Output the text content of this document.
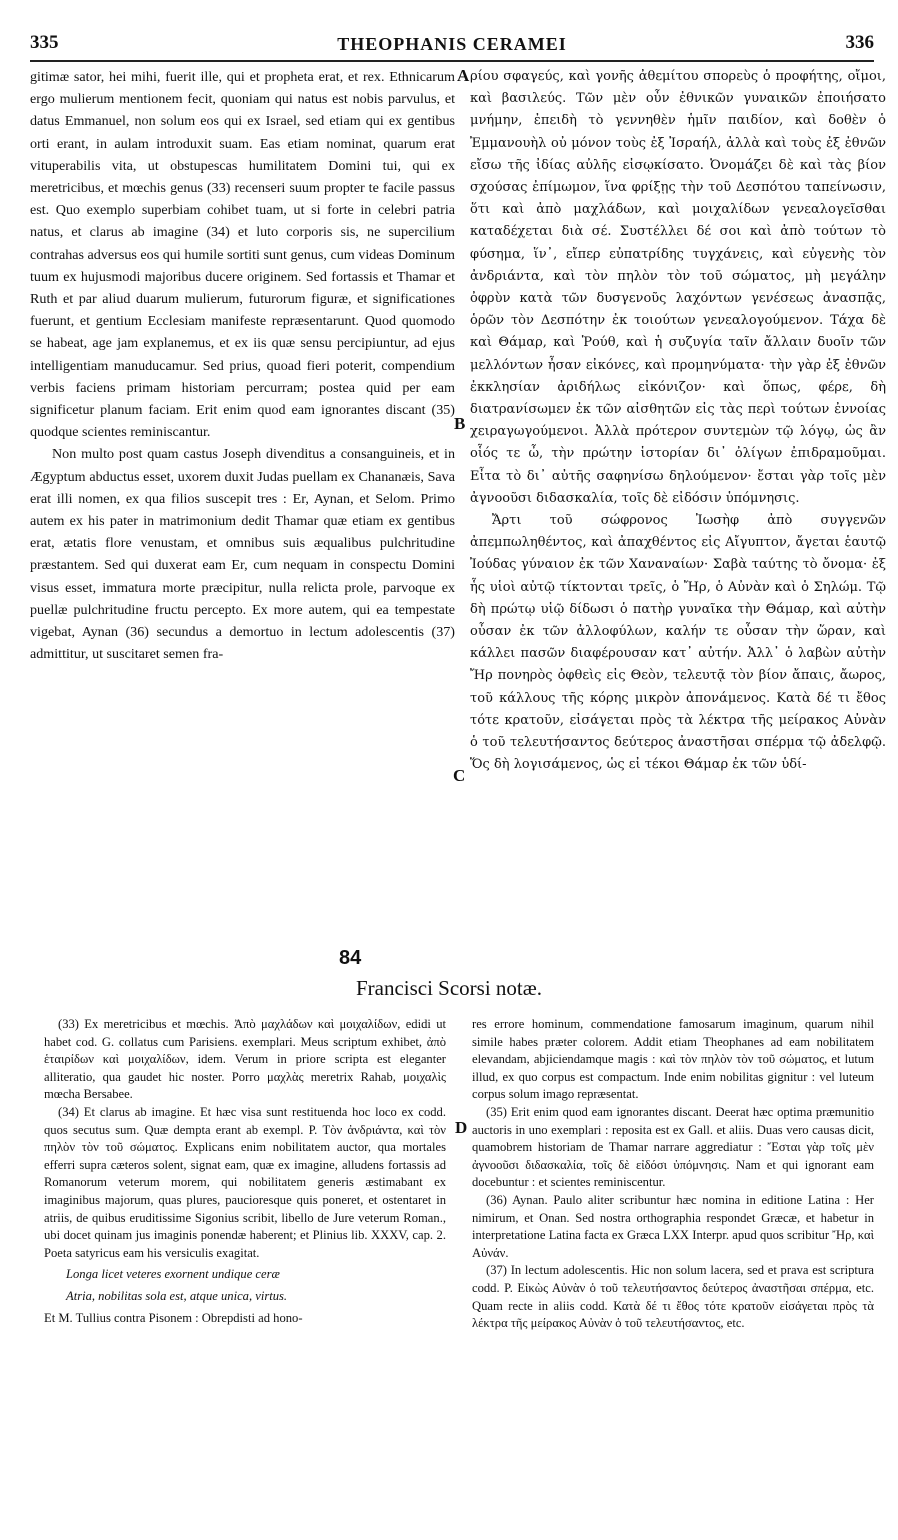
335	THEOPHANIS CERAMEI	336

gitimæ sator, hei mihi, fuerit ille, qui et propheta erat, et rex. Ethnicarum ergo mulierum mentionem fecit, quoniam qui natus est nobis parvulus, et datus Emmanuel, non solum eos qui ex Israel, sed etiam qui ex gentibus orti erant, in aulam introduxit suam. Eas etiam nominat, quarum erat vituperabilis vita, ut obstupescas humilitatem Domini tui, qui ex meretricibus, et mœchis genus (33) recenseri suum propter te facile passus est. Quo exemplo superbiam cohibet tuam, ut si forte in celebri patria natus, et clarus ab imagine (34) et luto corporis sis, ne supercilium contrahas adversus eos qui humile sortiti sunt genus, cum videas Dominum tuum ex hujusmodi majoribus ducere originem. Sed fortassis et Thamar et Ruth et par aliud duarum mulierum, futurorum figuræ, et significationes fuerunt, et gentium Ecclesiam manifeste repræsentarunt. Quod quomodo se habeat, age jam explanemus, et ex iis quæ sensu percipiuntur, ad ejus intelligentiam manuducamur. Sed prius, quoad fieri poterit, compendium verbis faciens primam historiam percurram; postea quid per eam significetur planum faciam. Erit enim quod eam ignorantes discant (35) quodque scientes reminiscantur.

Non multo post quam castus Joseph divenditus a consanguineis, et in Ægyptum abductus esset, uxorem duxit Judas puellam ex Chananæis, Sava erat illi nomen, ex qua filios suscepit tres : Er, Aynan, et Selom. Primo autem ex his pater in matrimonium dedit Thamar quæ etiam ex gentibus erat, ætatis flore venustam, et omnibus suis æqualibus pulchritudine præstantem. Sed qui duxerat eam Er, cum nequam in conspectu Domini visus esset, immatura morte præcipitur, nulla relicta prole, parvoque ex puellæ pulchritudine fructu percepto. Ex more autem, qui ea tempestate vigebat, Aynan (36) secundus a demortuo in lectum adolescentis (37) admittitur, ut suscitaret semen fra-

ρίου σφαγεύς, καὶ γονῆς ἀθεμίτου σπορεὺς ὁ προφήτης, οἴμοι, καὶ βασιλεύς. Τῶν μὲν οὖν ἐθνικῶν γυναικῶν ἐποιήσατο μνήμην, ἐπειδὴ τὸ γεννηθὲν ἡμῖν παιδίον, καὶ δοθὲν ὁ Ἐμμανουὴλ οὐ μόνον τοὺς ἐξ Ἰσραήλ, ἀλλὰ καὶ τοὺς ἐξ ἐθνῶν εἴσω τῆς ἰδίας αὐλῆς εἰσῳκίσατο. Ὀνομάζει δὲ καὶ τὰς βίον σχούσας ἐπίμωμον, ἵνα φρίξῃς τὴν τοῦ Δεσπότου ταπείνωσιν, ὅτι καὶ ἀπὸ μαχλάδων, καὶ μοιχαλίδων γενεαλογεῖσθαι καταδέχεται διὰ σέ. Συστέλλει δέ σοι καὶ ἀπὸ τούτων τὸ φύσημα, ἵν᾽, εἴπερ εὐπατρίδης τυγχάνεις, καὶ εὐγενὴς τὸν ἀνδριάντα, καὶ τὸν πηλὸν τὸν τοῦ σώματος, μὴ μεγάλην ὀφρὺν κατὰ τῶν δυσγενοῦς λαχόντων γενέσεως ἀνασπᾷς, ὁρῶν τὸν Δεσπότην ἐκ τοιούτων γενεαλογούμενον. Τάχα δὲ καὶ Θάμαρ, καὶ Ῥούθ, καὶ ἡ συζυγία ταῖν ἄλλαιν δυοῖν τῶν μελλόντων ἦσαν εἰκόνες, καὶ προμηνύματα· τὴν γὰρ ἐξ ἐθνῶν ἐκκλησίαν ἀριδήλως εἰκόνιζον· καὶ ὅπως, φέρε, δὴ διατρανίσωμεν ἐκ τῶν αἰσθητῶν εἰς τὰς περὶ τούτων ἐννοίας χειραγωγούμενοι. Ἀλλὰ πρότερον συντεμὼν τῷ λόγῳ, ὡς ἂν οἷός τε ὦ, τὴν πρώτην ἱστορίαν δι᾽ ὀλίγων ἐπιδραμοῦμαι. Εἶτα τὸ δι᾽ αὐτῆς σαφηνίσω δηλούμενον· ἔσται γὰρ τοῖς μὲν ἀγνοοῦσι διδασκαλία, τοῖς δὲ εἰδόσιν ὑπόμνησις.

Ἄρτι τοῦ σώφρονος Ἰωσὴφ ἀπὸ συγγενῶν ἀπεμπωληθέντος, καὶ ἀπαχθέντος εἰς Αἴγυπτον, ἄγεται ἑαυτῷ Ἰούδας γύναιον ἐκ τῶν Χαναναίων· Σαβὰ ταύτης τὸ ὄνομα· ἐξ ἧς υἱοὶ αὐτῷ τίκτονται τρεῖς, ὁ Ἤρ, ὁ Αὐνὰν καὶ ὁ Σηλώμ. Τῷ δὴ πρώτῳ υἱῷ δίδωσι ὁ πατὴρ γυναῖκα τὴν Θάμαρ, καὶ αὐτὴν οὖσαν ἐκ τῶν ἀλλοφύλων, καλήν τε οὖσαν τὴν ὥραν, καὶ κάλλει πασῶν διαφέρουσαν κατ᾽ αὐτήν. Ἀλλ᾽ ὁ λαβὼν αὐτὴν Ἤρ πονηρὸς ὀφθεὶς εἰς Θεὸν, τελευτᾷ τὸν βίον ἄπαις, ἄωρος, τοῦ κάλλους τῆς κόρης μικρὸν ἀπονάμενος. Κατὰ δέ τι ἔθος τότε κρατοῦν, εἰσάγεται πρὸς τὰ λέκτρα τῆς μείρακος Αὐνὰν ὁ τοῦ τελευτήσαντος δεύτερος ἀναστῆσαι σπέρμα τῷ ἀδελφῷ. Ὅς δὴ λογισάμενος, ὡς εἰ τέκοι Θάμαρ ἐκ τῶν ὑδί-

A
B
C
D
84
Francisci Scorsi notæ.

(33) Ex meretricibus et mœchis. Ἀπὸ μαχλάδων καὶ μοιχαλίδων, edidi ut habet cod. G. collatus cum Parisiens. exemplari. Meus scriptum exhibet, ἀπὸ ἑταιρίδων καὶ μοιχαλίδων, idem. Verum in priore scripta est eleganter alliteratio, qua gaudet hic noster. Porro μαχλὰς meretrix Rahab, μοιχαλὶς mœcha Bersabee.

(34) Et clarus ab imagine. Et hæc visa sunt restituenda hoc loco ex codd. quos secutus sum. Quæ dempta erant ab exempl. P. Τὸν ἀνδριάντα, καὶ τὸν πηλὸν τὸν τοῦ σώματος. Explicans enim nobilitatem auctor, qua mortales efferri supra cæteros solent, signat eam, quæ ex imagine, alludens fortassis ad Romanorum veterum morem, qui nobilitatem generis æstimabant ex imaginibus majorum, quas plures, paucioresque quis poneret, et ostentaret in atriis, de quibus eruditissime Sigonius scribit, libello de Jure veterum Roman., ubi docet quinam jus imaginis ponendæ haberent; et Plinius lib. XXXV, cap. 2. Poeta satyricus eam his versiculis exagitat.

Longa licet veteres exornent undique ceræ

Atria, nobilitas sola est, atque unica, virtus.

Et M. Tullius contra Pisonem : Obrepdisti ad hono-

res errore hominum, commendatione famosarum imaginum, quarum nihil simile habes præter colorem. Addit etiam Theophanes ad eam nobilitatem elevandam, abjiciendamque magis : καὶ τὸν πηλὸν τὸν τοῦ σώματος, et lutum illud, ex quo corpus est compactum. Inde enim nobilitas gignitur : vel luteum corpus solum imago repræsentat.

(35) Erit enim quod eam ignorantes discant. Deerat hæc optima præmunitio auctoris in uno exemplari : reposita est ex Gall. et aliis. Duas vero causas dicit, quamobrem historiam de Thamar narrare aggrediatur : Ἔσται γὰρ τοῖς μὲν ἀγνοοῦσι διδασκαλία, τοῖς δὲ εἰδόσι ὑπόμνησις. Nam et qui ignorant eam docebuntur : et scientes reminiscentur.

(36) Aynan. Paulo aliter scribuntur hæc nomina in editione Latina : Her nimirum, et Onan. Sed nostra orthographia respondet Græcæ, et habetur in interpretatione Latina facta ex Græca LXX Interpr. apud quos scribitur Ἤρ, καὶ Αὐνάν.

(37) In lectum adolescentis. Hic non solum lacera, sed et prava est scriptura codd. P. Εἰκὼς Αὐνὰν ὁ τοῦ τελευτήσαντος δεύτερος ἀναστῆσαι σπέρμα, etc. Quam recte in aliis codd. Κατὰ δέ τι ἔθος τότε κρατοῦν εἰσάγεται πρὸς τὰ λέκτρα τῆς μείρακος Αὐνὰν ὁ τοῦ τελευτήσαντος, etc.
